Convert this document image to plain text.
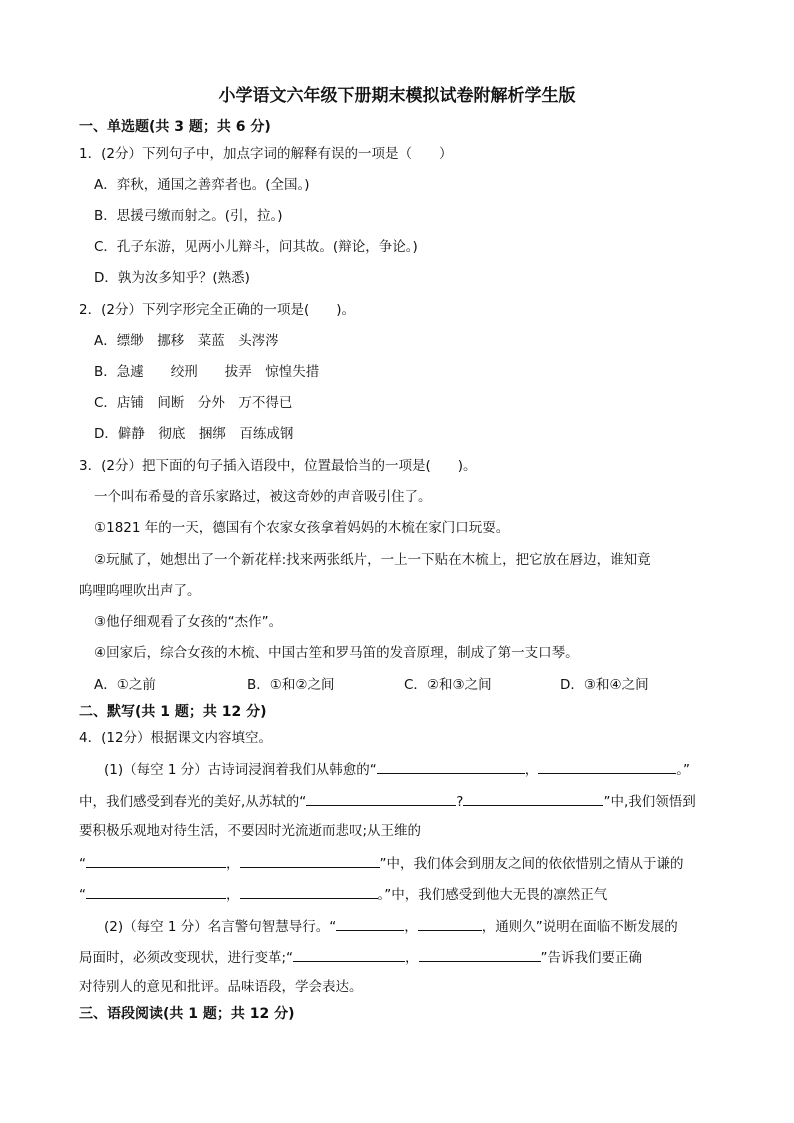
小学语文六年级下册期末模拟试卷附解析学生版
一、单选题(共 3 题；共 6 分)
1．(2分）下列句子中，加点字词的解释有误的一项是（　　）
A．弈秋，通国之善弈者也。(全国。)
B．思援弓缴而射之。(引，拉。)
C．孔子东游，见两小儿辩斗，问其故。(辩论，争论。)
D．孰为汝多知乎？(熟悉)
2．(2分）下列字形完全正确的一项是(　　)。
A．缥缈　挪移　菜蓝　头涔涔
B．急遽　　绞刑　　拔弄　惊惶失措
C．店铺　间断　分外　万不得已
D．僻静　彻底　捆绑　百练成钢
3．(2分）把下面的句子插入语段中，位置最恰当的一项是(　　)。
一个叫布希曼的音乐家路过，被这奇妙的声音吸引住了。
①1821 年的一天，德国有个农家女孩拿着妈妈的木梳在家门口玩耍。
②玩腻了，她想出了一个新花样:找来两张纸片，一上一下贴在木梳上，把它放在唇边，谁知竟
呜哩呜哩吹出声了。
③他仔细观看了女孩的“杰作”。
④回家后，综合女孩的木梳、中国古笙和罗马笛的发音原理，制成了第一支口琴。
A．①之前	B．①和②之间	C．②和③之间	D．③和④之间
二、默写(共 1 题；共 12 分)
4．(12分）根据课文内容填空。
(1)（每空 1 分）古诗词浸润着我们从韩愈的“	，	。”
中，我们感受到春光的美好,从苏轼的“	?	”中,我们领悟到
要积极乐观地对待生活，不要因时光流逝而悲叹;从王维的
“	，	”中，我们体会到朋友之间的依依惜别之情从于谦的
“	，	。”中，我们感受到他大无畏的凛然正气
(2)（每空 1 分）名言警句智慧导行。“	，	，通则久”说明在面临不断发展的
局面时，必须改变现状，进行变革;“	，	”告诉我们要正确
对待别人的意见和批评。品味语段，学会表达。
三、语段阅读(共 1 题；共 12 分)
